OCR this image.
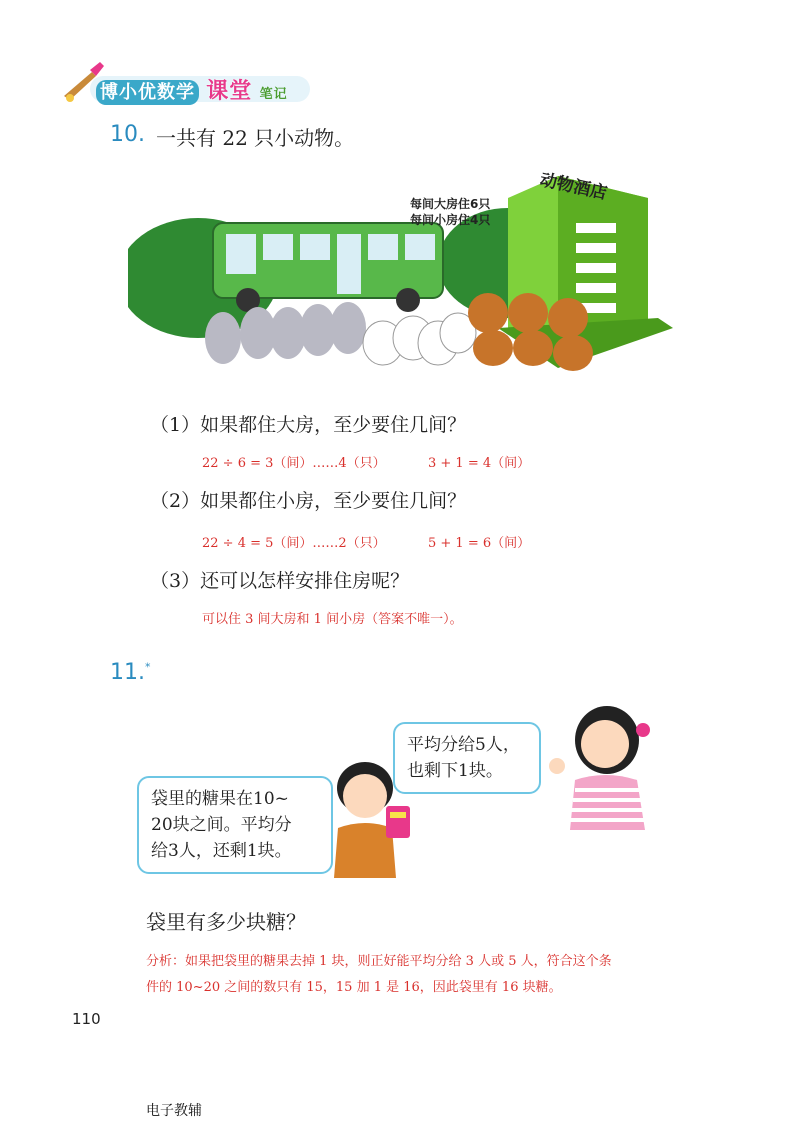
博小优数学 课堂 笔记
10. 一共有 22 只小动物。
动物酒店
每间大房住6只
每间小房住4只
（1）如果都住大房，至少要住几间？
22 ÷ 6 = 3（间）……4（只）	3 + 1 = 4（间）
（2）如果都住小房，至少要住几间？
22 ÷ 4 = 5（间）……2（只）	5 + 1 = 6（间）
（3）还可以怎样安排住房呢？
可以住 3 间大房和 1 间小房（答案不唯一）。
11.*
平均分给5人，
也剩下1块。
袋里的糖果在10~
20块之间。平均分
给3人，还剩1块。
袋里有多少块糖？
分析：如果把袋里的糖果去掉 1 块，则正好能平均分给 3 人或 5 人，符合这个条
件的 10~20 之间的数只有 15，15 加 1 是 16，因此袋里有 16 块糖。
110
电子教辅
